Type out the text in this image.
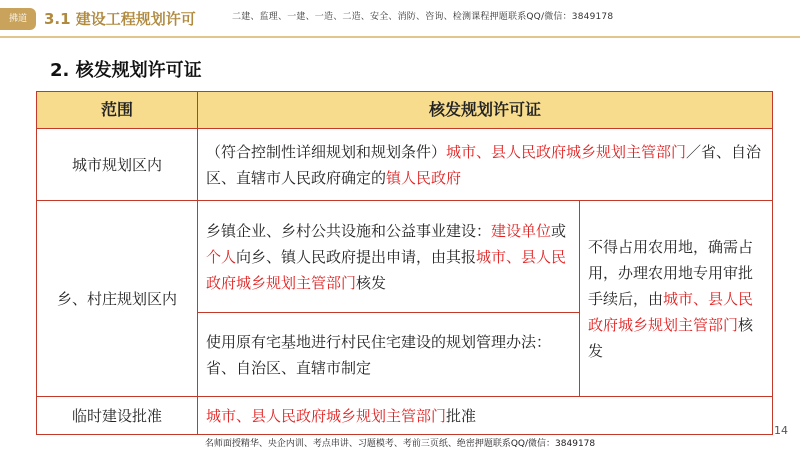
拂道	3.1 建设工程规划许可	二建、监理、一建、一造、二造、安全、消防、咨询、检测课程押题联系QQ/微信：3849178
2. 核发规划许可证
范围	核发规划许可证	
城市规划区内	（符合控制性详细规划和规划条件）城市、县人民政府城乡规划主管部门／省、自治区、直辖市人民政府确定的镇人民政府	
乡、村庄规划区内	乡镇企业、乡村公共设施和公益事业建设：建设单位或个人向乡、镇人民政府提出申请，由其报城市、县人民政府城乡规划主管部门核发	不得占用农用地，确需占用，办理农用地专用审批手续后，由城市、县人民政府城乡规划主管部门核发
	使用原有宅基地进行村民住宅建设的规划管理办法：省、自治区、直辖市制定	
临时建设批准	城市、县人民政府城乡规划主管部门批准	
14
名师面授精华、央企内训、考点串讲、习题模考、考前三页纸、绝密押题联系QQ/微信：3849178
